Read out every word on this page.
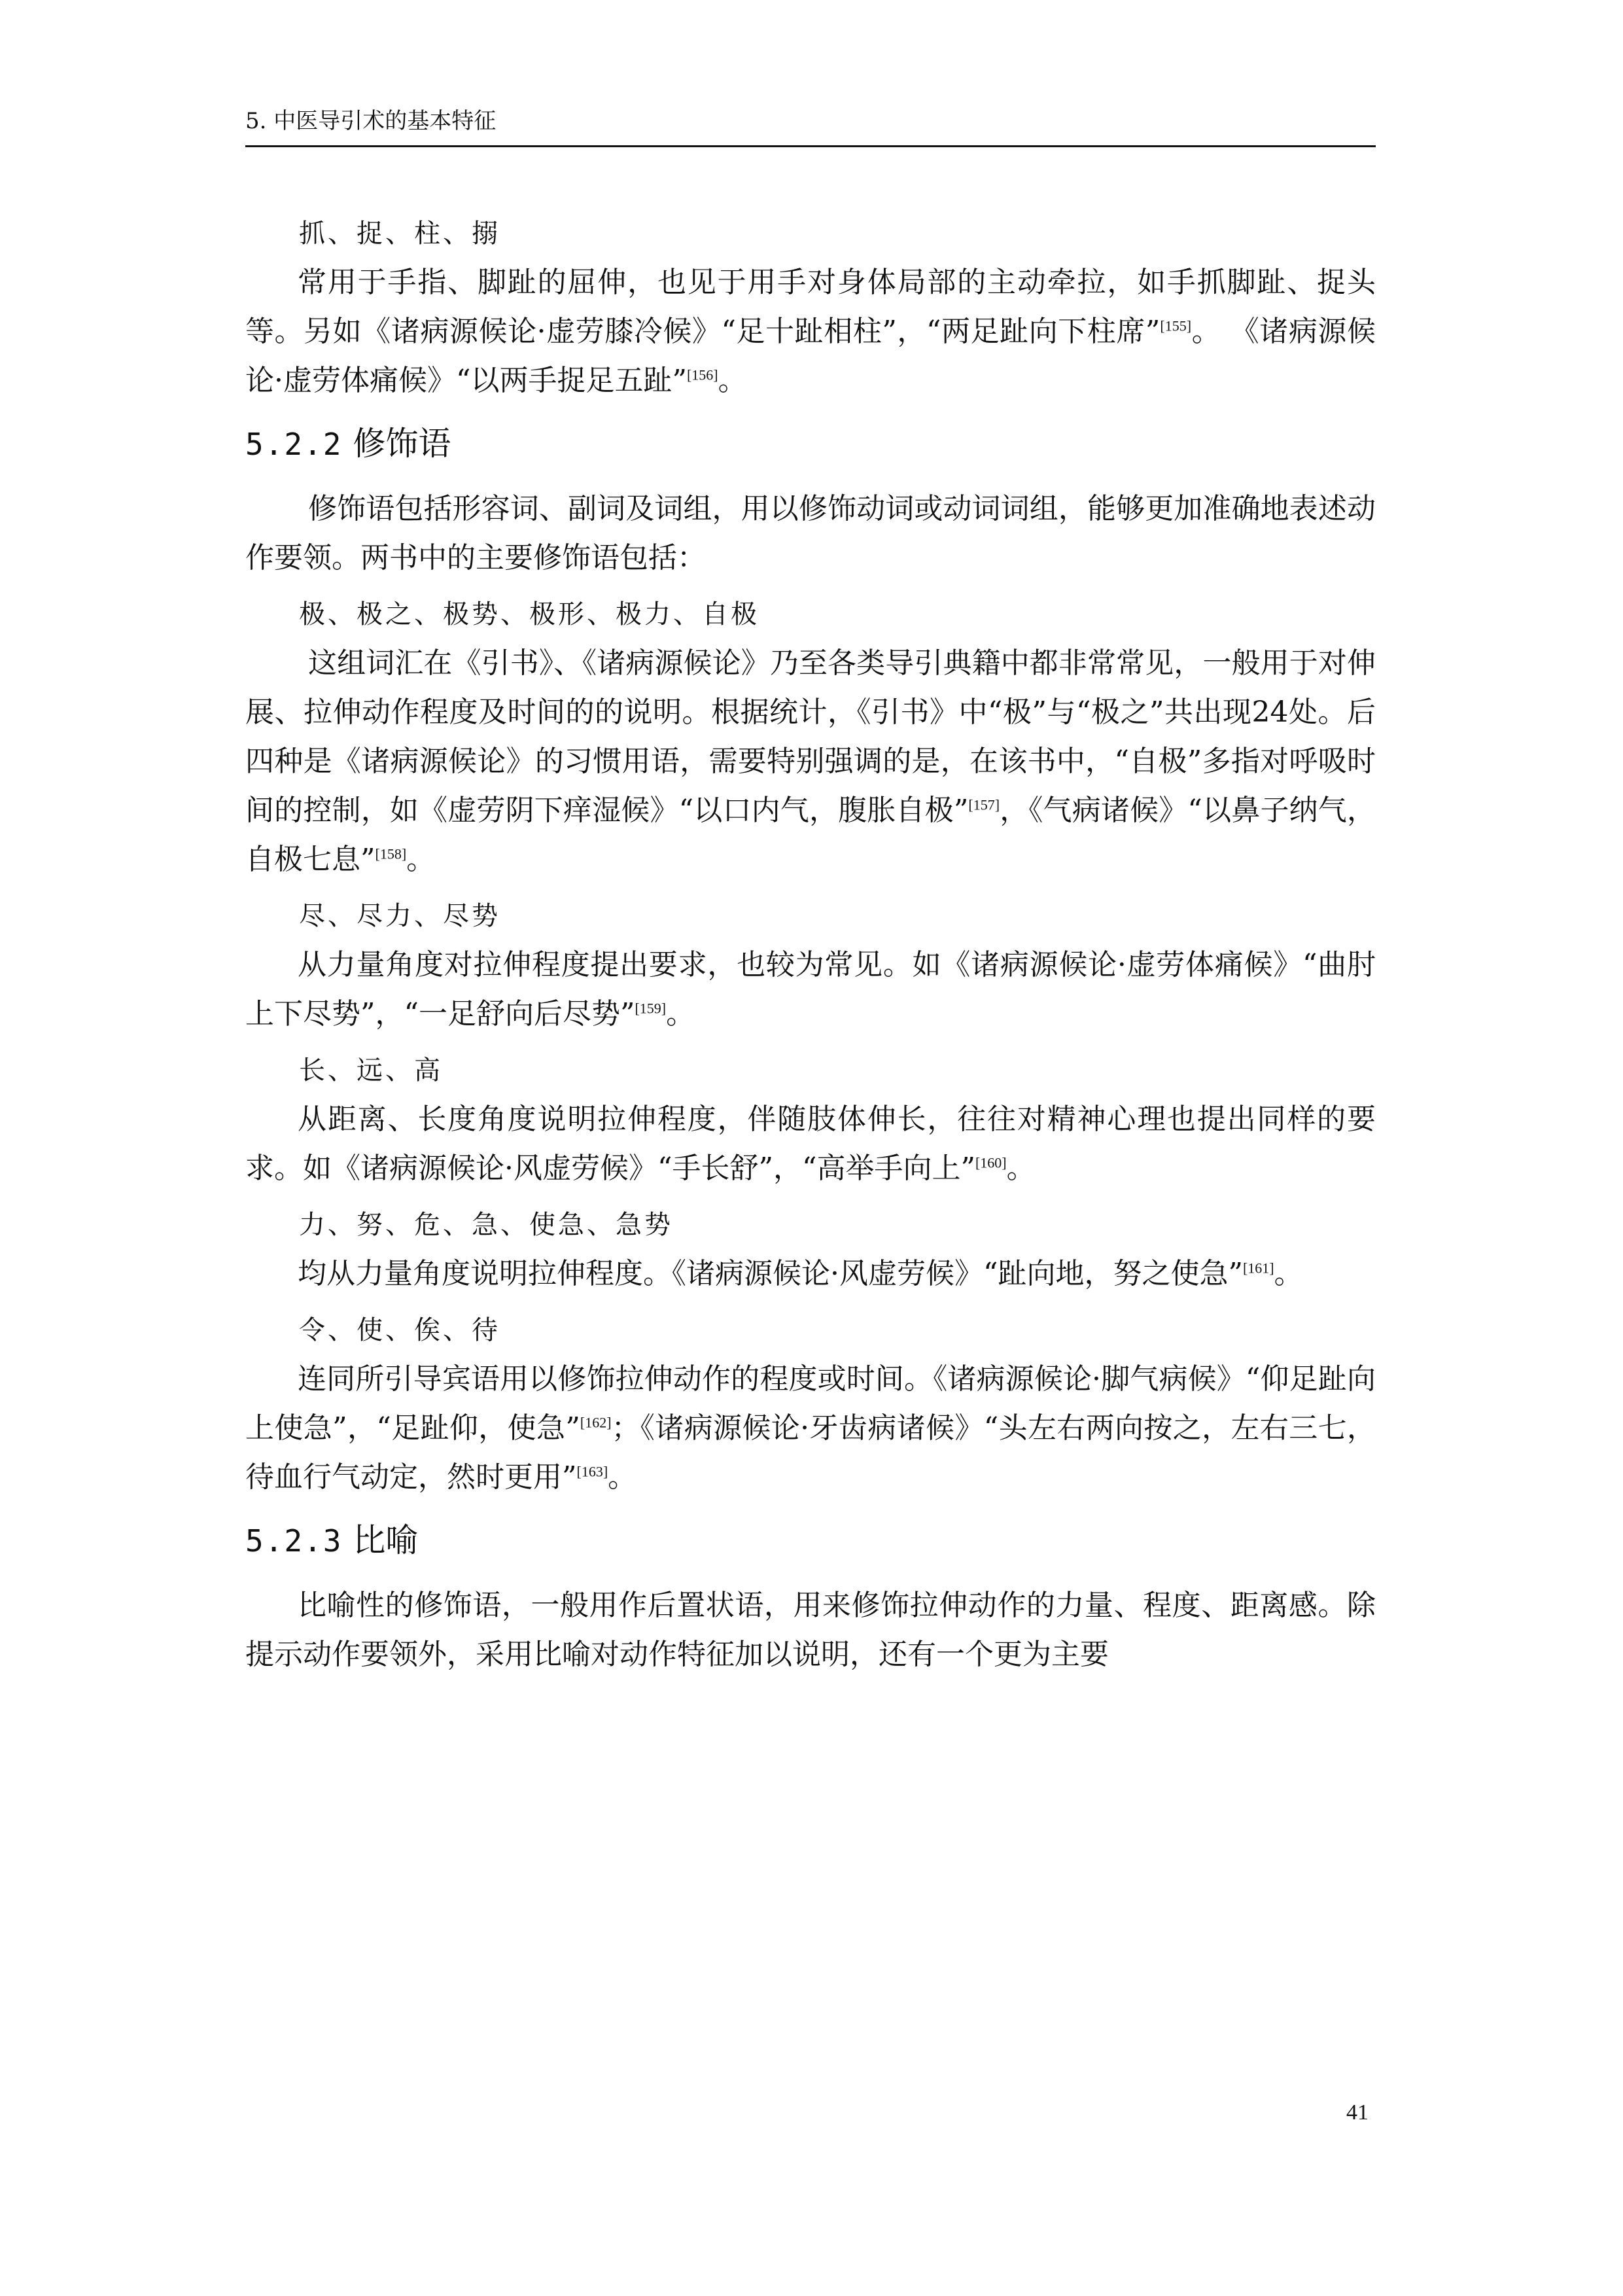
5. 中医导引术的基本特征
抓、捉、柱、搦

常用于手指、脚趾的屈伸，也见于用手对身体局部的主动牵拉，如手抓脚趾、捉头等。另如《诸病源候论·虚劳膝冷候》“足十趾相柱”，“两足趾向下柱席”[155]。 《诸病源候论·虚劳体痛候》“以两手捉足五趾”[156]。

5.2.2 修饰语

修饰语包括形容词、副词及词组，用以修饰动词或动词词组，能够更加准确地表述动作要领。两书中的主要修饰语包括：

极、极之、极势、极形、极力、自极

这组词汇在《引书》、《诸病源候论》乃至各类导引典籍中都非常常见，一般用于对伸展、拉伸动作程度及时间的的说明。根据统计，《引书》中“极”与“极之”共出现24处。后四种是《诸病源候论》的习惯用语，需要特别强调的是，在该书中，“自极”多指对呼吸时间的控制，如《虚劳阴下痒湿候》“以口内气，腹胀自极”[157]，《气病诸候》“以鼻子纳气，自极七息”[158]。

尽、尽力、尽势

从力量角度对拉伸程度提出要求，也较为常见。如《诸病源候论·虚劳体痛候》“曲肘上下尽势”，“一足舒向后尽势”[159]。

长、远、高

从距离、长度角度说明拉伸程度，伴随肢体伸长，往往对精神心理也提出同样的要求。如《诸病源候论·风虚劳候》“手长舒”，“高举手向上”[160]。

力、努、危、急、使急、急势

均从力量角度说明拉伸程度。《诸病源候论·风虚劳候》“趾向地，努之使急”[161]。

令、使、俟、待

连同所引导宾语用以修饰拉伸动作的程度或时间。《诸病源候论·脚气病候》“仰足趾向上使急”，“足趾仰，使急”[162]；《诸病源候论·牙齿病诸候》“头左右两向按之，左右三七，待血行气动定，然时更用”[163]。

5.2.3 比喻

比喻性的修饰语，一般用作后置状语，用来修饰拉伸动作的力量、程度、距离感。除提示动作要领外，采用比喻对动作特征加以说明，还有一个更为主要

41
